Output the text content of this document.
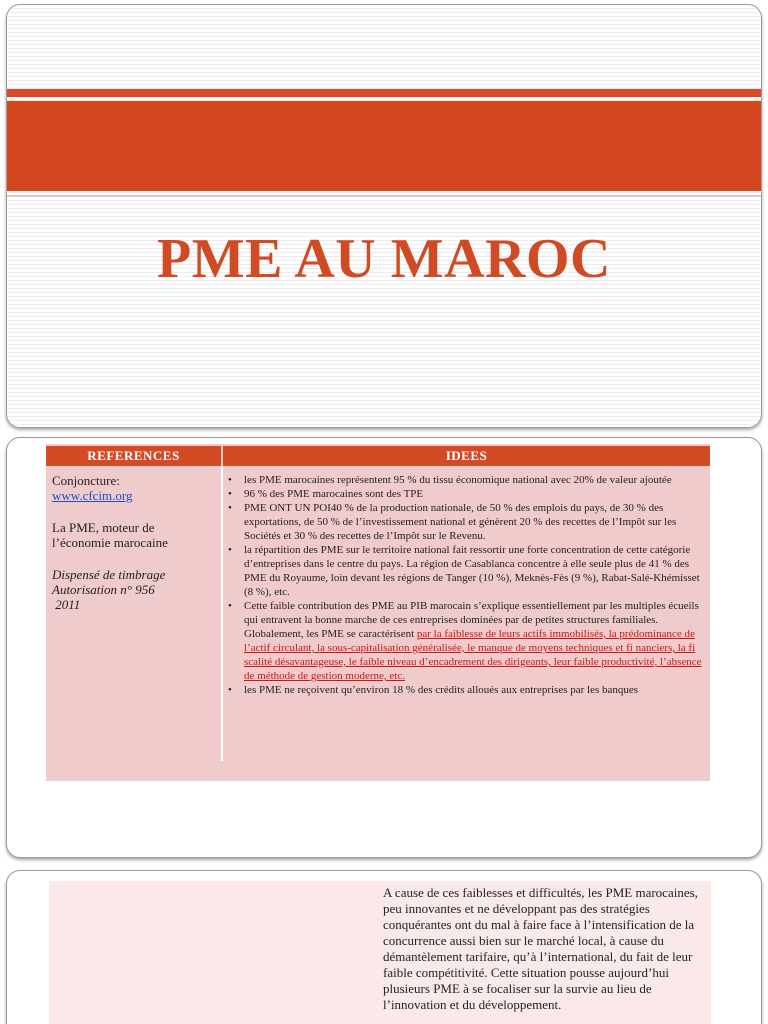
PME AU MAROC
REFERENCES	IDEES
Conjoncture:
www.cfcim.org
La PME, moteur de
l’économie marocaine
Dispensé de timbrage
Autorisation n° 956
2011
• les PME marocaines représentent 95 % du tissu économique national avec 20% de valeur ajoutée
• 96 % des PME marocaines sont des TPE
• PME ONT UN POI40 % de la production nationale, de 50 % des emplois du pays, de 30 % des exportations, de 50 % de l’investissement national et génèrent 20 % des recettes de l’Impôt sur les Sociétés et 30 % des recettes de l’Impôt sur le Revenu.
• la répartition des PME sur le territoire national fait ressortir une forte concentration de cette catégorie d’entreprises dans le centre du pays. La région de Casablanca concentre à elle seule plus de 41 % des PME du Royaume, loin devant les régions de Tanger (10 %), Meknès-Fès (9 %), Rabat-Salé-Khémisset (8 %), etc.
• Cette faible contribution des PME au PIB marocain s’explique essentiellement par les multiples écueils qui entravent la bonne marche de ces entreprises dominées par de petites structures familiales. Globalement, les PME se caractérisent par la faiblesse de leurs actifs immobilisés, la prédominance de l’actif circulant, la sous-capitalisation généralisée, le manque de moyens techniques et fi nanciers, la fi scalité désavantageuse, le faible niveau d’encadrement des dirigeants, leur faible productivité, l’absence de méthode de gestion moderne, etc.
• les PME ne reçoivent qu’environ 18 % des crédits alloués aux entreprises par les banques
A cause de ces faiblesses et difficultés, les PME marocaines, peu innovantes et ne développant pas des stratégies conquérantes ont du mal à faire face à l’intensification de la concurrence aussi bien sur le marché local, à cause du démantèlement tarifaire, qu’à l’international, du fait de leur faible compétitivité. Cette situation pousse aujourd’hui plusieurs PME à se focaliser sur la survie au lieu de l’innovation et du développement.
